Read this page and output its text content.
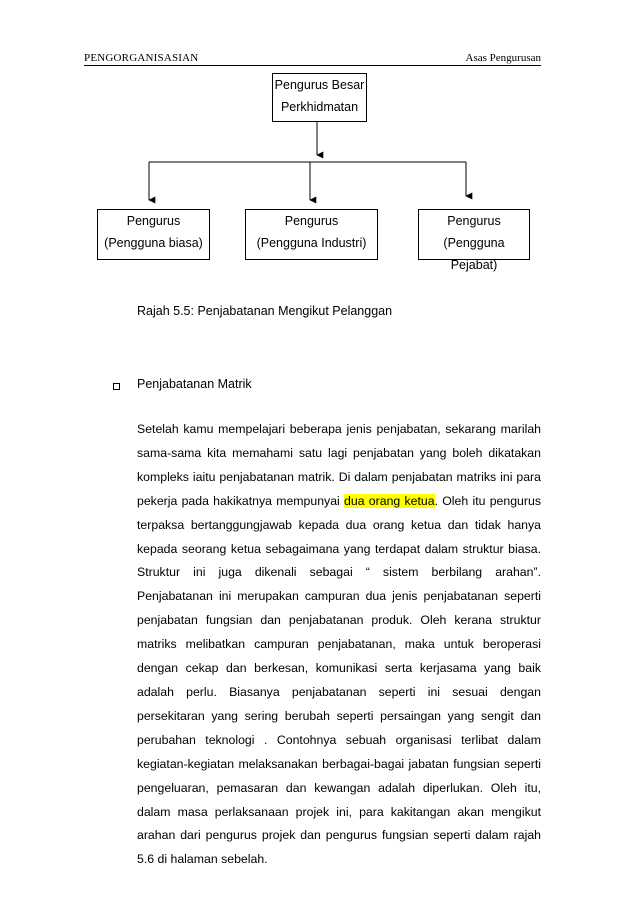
PENGORGANISASIAN	Asas Pengurusan
Pengurus Besar
Perkhidmatan
Pengurus
(Pengguna biasa)
Pengurus
(Pengguna Industri)
Pengurus
(Pengguna Pejabat)
Rajah 5.5: Penjabatanan Mengikut Pelanggan
Penjabatanan Matrik
Setelah kamu mempelajari beberapa jenis penjabatan, sekarang marilah sama-sama kita memahami satu lagi penjabatan yang boleh dikatakan kompleks iaitu penjabatanan matrik. Di dalam penjabatan matriks ini para pekerja pada hakikatnya mempunyai dua orang ketua. Oleh itu pengurus terpaksa bertanggungjawab kepada dua orang ketua dan tidak hanya kepada seorang ketua sebagaimana yang terdapat dalam struktur biasa. Struktur ini juga dikenali sebagai “ sistem berbilang arahan”. Penjabatanan ini merupakan campuran dua jenis penjabatanan seperti penjabatan fungsian dan penjabatanan produk. Oleh kerana struktur matriks melibatkan campuran penjabatanan, maka untuk beroperasi dengan cekap dan berkesan, komunikasi serta kerjasama yang baik adalah perlu. Biasanya penjabatanan seperti ini sesuai dengan persekitaran yang sering berubah seperti persaingan yang sengit dan perubahan teknologi . Contohnya sebuah organisasi terlibat dalam kegiatan-kegiatan melaksanakan berbagai-bagai jabatan fungsian seperti pengeluaran, pemasaran dan kewangan adalah diperlukan. Oleh itu, dalam masa perlaksanaan projek ini, para kakitangan akan mengikut arahan dari pengurus projek dan pengurus fungsian seperti dalam rajah 5.6 di halaman sebelah.
